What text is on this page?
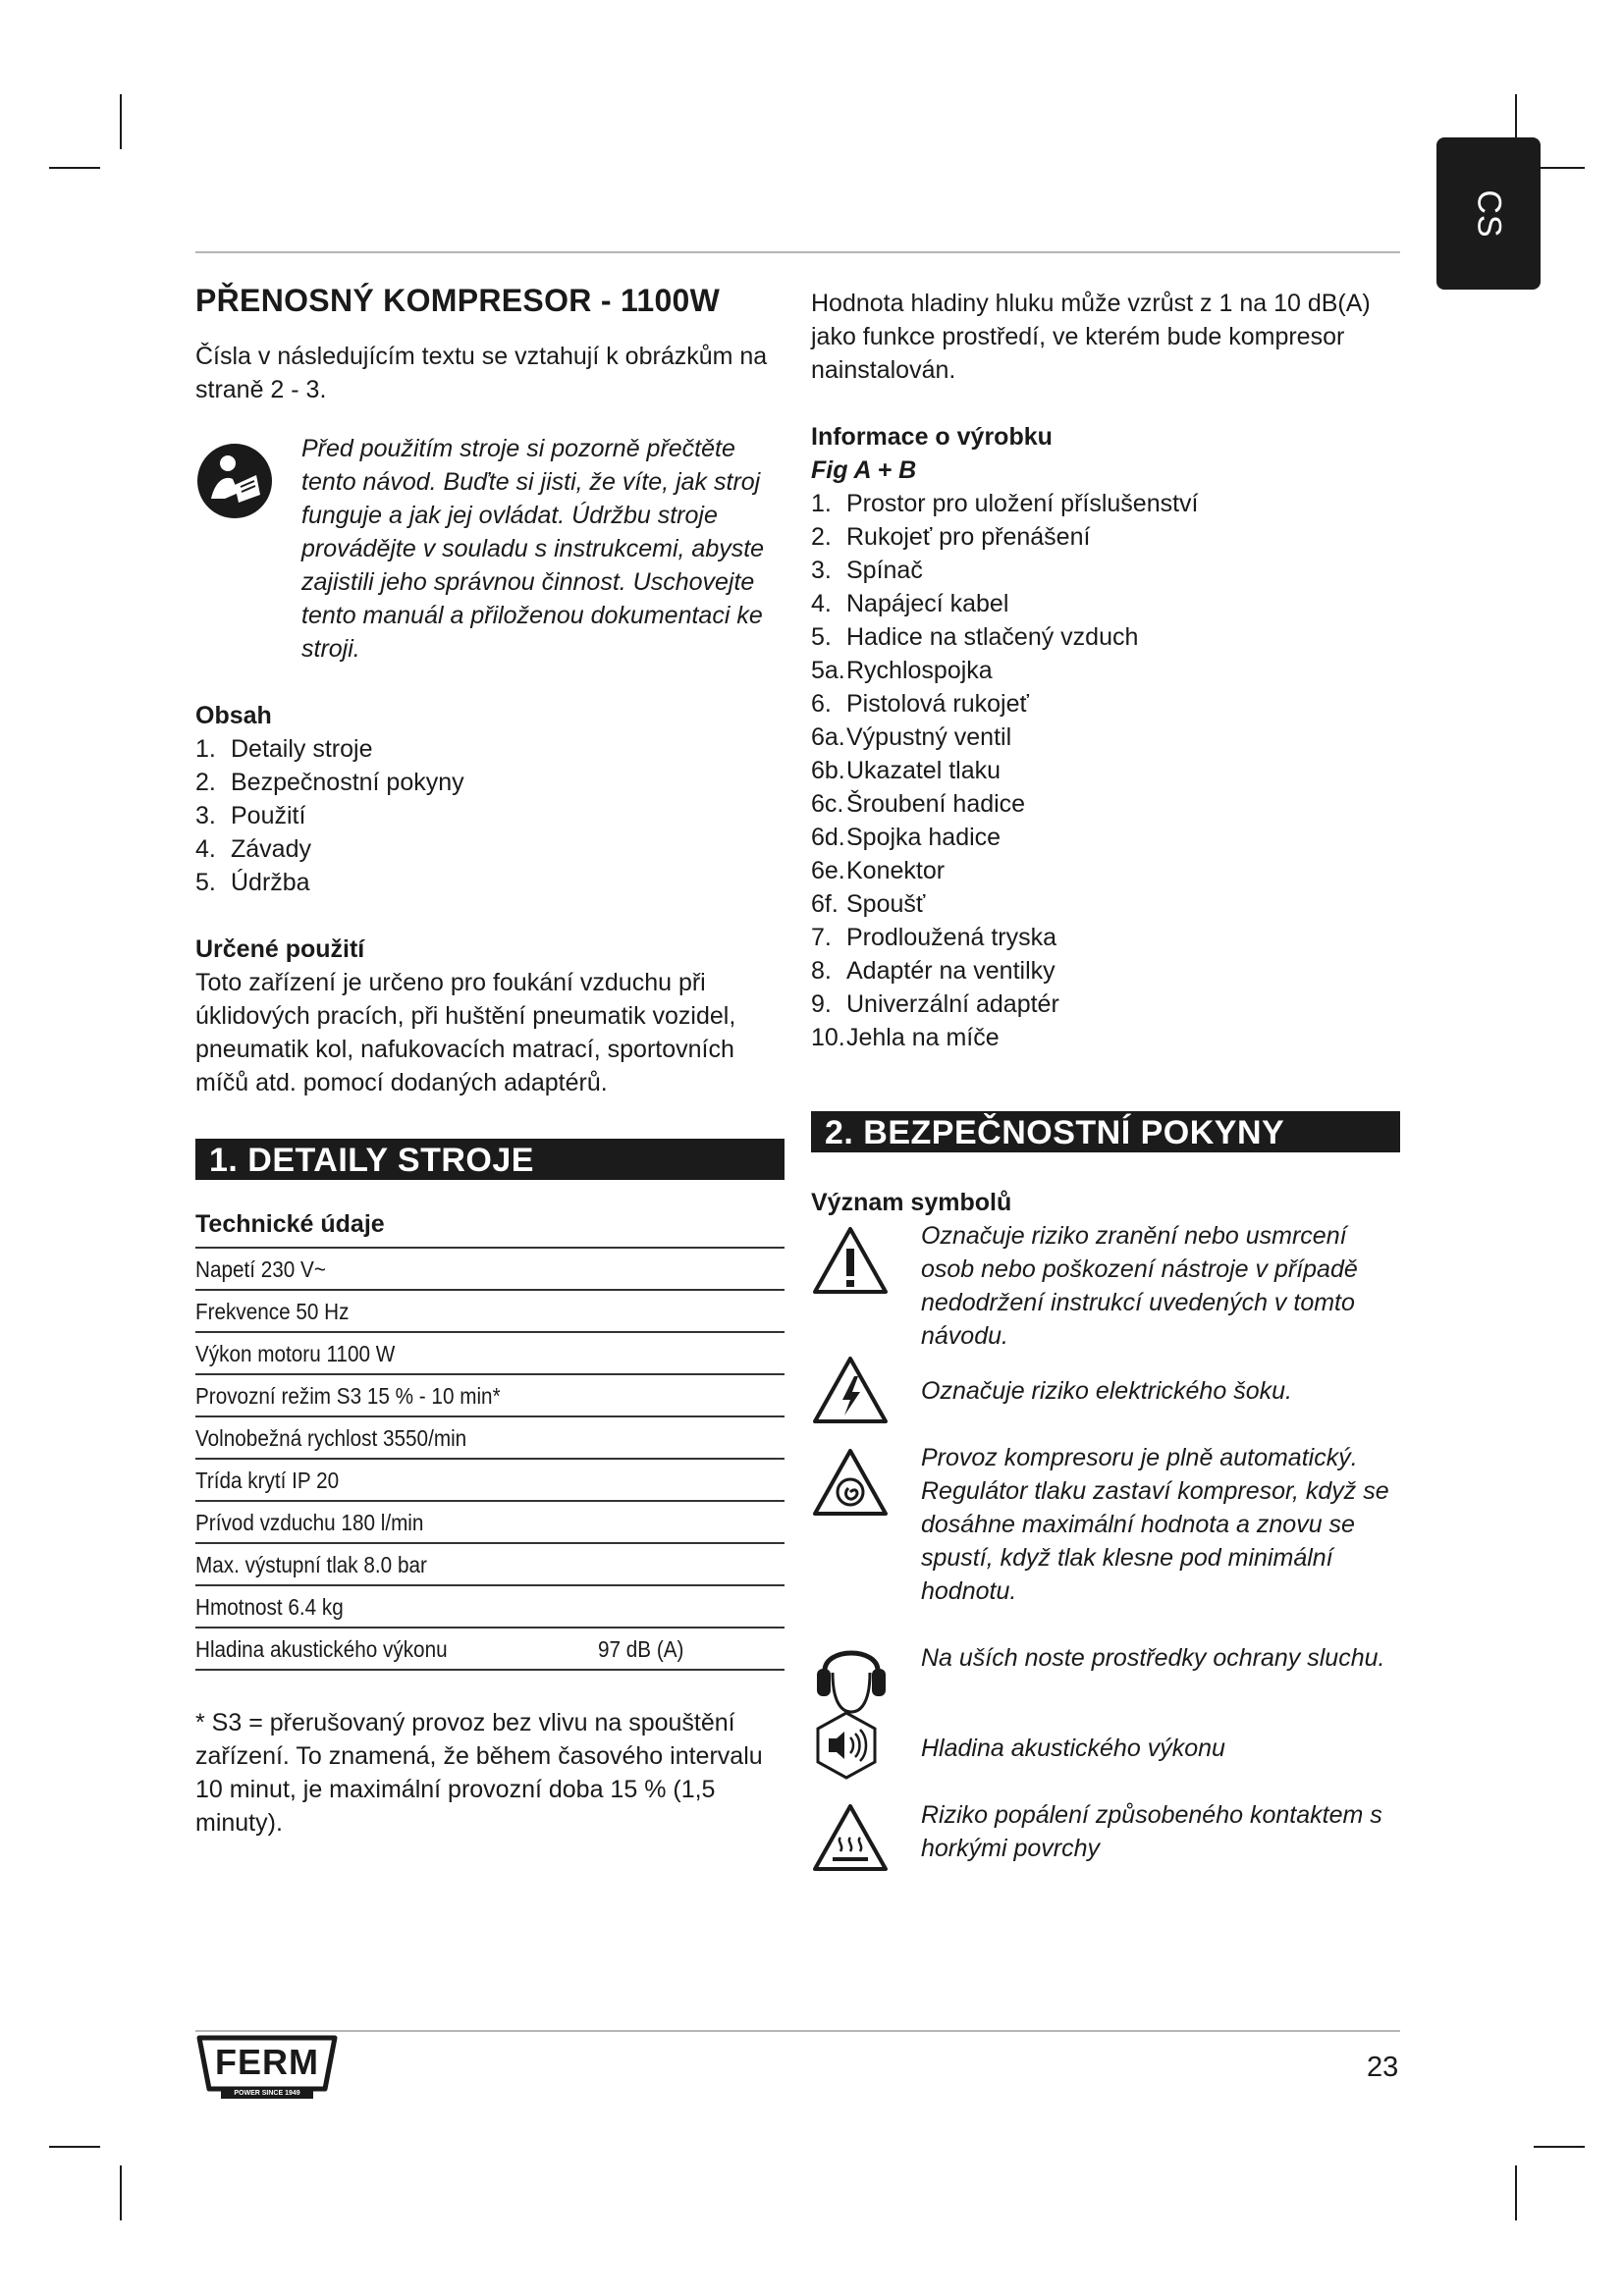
CS
PŘENOSNÝ KOMPRESOR - 1100W

Čísla v následujícím textu se vztahují k obrázkům na straně 2 - 3.

Před použitím stroje si pozorně přečtěte tento návod. Buďte si jisti, že víte, jak stroj funguje a jak jej ovládat. Údržbu stroje provádějte v souladu s instrukcemi, abyste zajistili jeho správnou činnost. Uschovejte tento manuál a přiloženou dokumentaci ke stroji.

Obsah

1. Detaily stroje
2. Bezpečnostní pokyny
3. Použití
4. Závady
5. Údržba

Určené použití

Toto zařízení je určeno pro foukání vzduchu při úklidových pracích, při huštění pneumatik vozidel, pneumatik kol, nafukovacích matrací, sportovních míčů atd. pomocí dodaných adaptérů.

1. DETAILY STROJE

Technické údaje

Napetí 230 V~	
Frekvence 50 Hz	
Výkon motoru 1100 W	
Provozní režim S3 15 % - 10 min*	
Volnobežná rychlost 3550/min	
Trída krytí IP 20	
Prívod vzduchu 180 l/min	
Max. výstupní tlak 8.0 bar	
Hmotnost 6.4 kg	
Hladina akustického výkonu	97 dB (A)

* S3 = přerušovaný provoz bez vlivu na spouštění zařízení. To znamená, že během časového intervalu 10 minut, je maximální provozní doba 15 % (1,5 minuty).

Hodnota hladiny hluku může vzrůst z 1 na 10 dB(A) jako funkce prostředí, ve kterém bude kompresor nainstalován.

Informace o výrobku

Fig A + B

1. Prostor pro uložení příslušenství
2. Rukojeť pro přenášení
3. Spínač
4. Napájecí kabel
5. Hadice na stlačený vzduch
5a. Rychlospojka
6. Pistolová rukojeť
6a. Výpustný ventil
6b. Ukazatel tlaku
6c. Šroubení hadice
6d. Spojka hadice
6e. Konektor
6f. Spoušť
7. Prodloužená tryska
8. Adaptér na ventilky
9. Univerzální adaptér
10. Jehla na míče
2. BEZPEČNOSTNÍ POKYNY

Význam symbolů

Označuje riziko zranění nebo usmrcení osob nebo poškození nástroje v případě nedodržení instrukcí uvedených v tomto návodu.
Označuje riziko elektrického šoku.
Provoz kompresoru je plně automatický. Regulátor tlaku zastaví kompresor, když se dosáhne maximální hodnota a znovu se spustí, když tlak klesne pod minimální hodnotu.
Na uších noste prostředky ochrany sluchu.
Hladina akustického výkonu
Riziko popálení způsobeného kontaktem s horkými povrchy
FERM
POWER SINCE 1949
23
